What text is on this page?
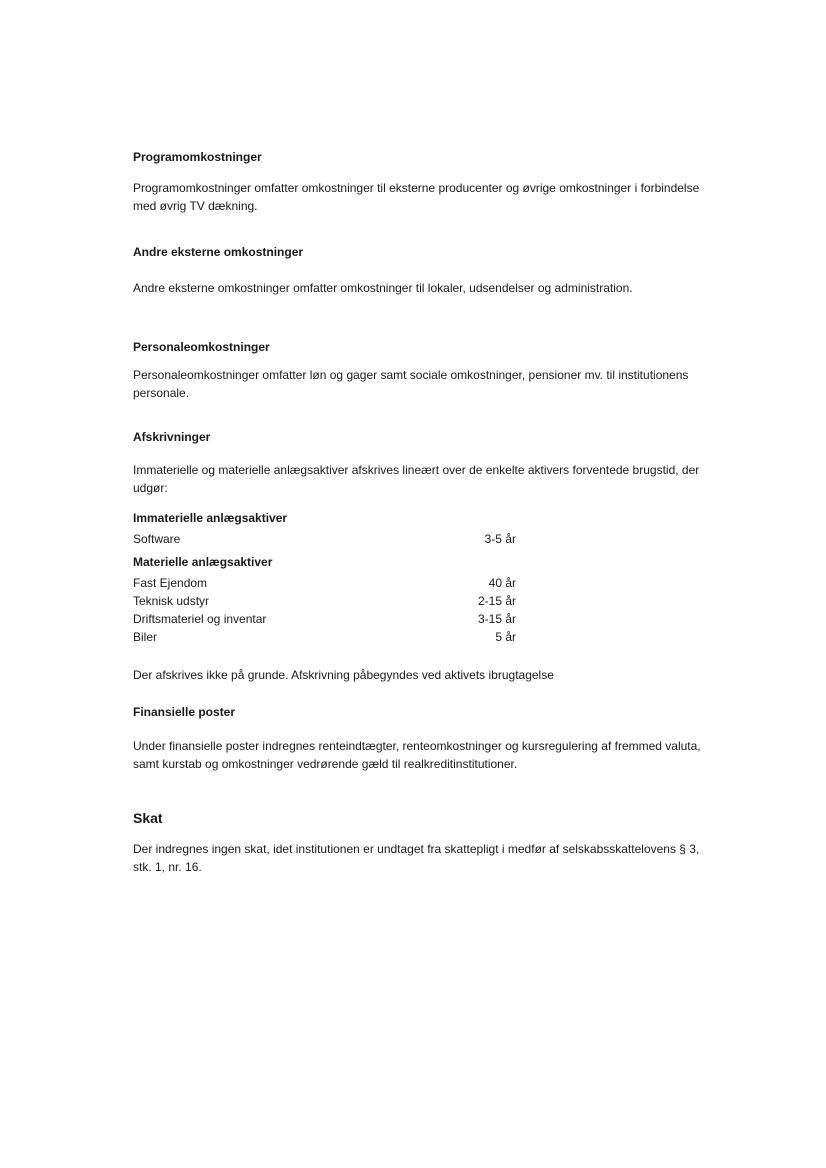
Programomkostninger
Programomkostninger omfatter omkostninger til eksterne producenter og øvrige omkostninger i forbindelse med øvrig TV dækning.
Andre eksterne omkostninger
Andre eksterne omkostninger omfatter omkostninger til lokaler, udsendelser og administration.
Personaleomkostninger
Personaleomkostninger omfatter løn og gager samt sociale omkostninger, pensioner mv. til institutionens personale.
Afskrivninger
Immaterielle og materielle anlægsaktiver afskrives lineært over de enkelte aktivers forventede brugstid, der udgør:
Immaterielle anlægsaktiver
Software	3-5 år
Materielle anlægsaktiver
Fast Ejendom	40 år
Teknisk udstyr	2-15 år
Driftsmateriel og inventar	3-15 år
Biler	5 år
Der afskrives ikke på grunde. Afskrivning påbegyndes ved aktivets ibrugtagelse
Finansielle poster
Under finansielle poster indregnes renteindtægter, renteomkostninger og kursregulering af fremmed valuta, samt kurstab og omkostninger vedrørende gæld til realkreditinstitutioner.
Skat
Der indregnes ingen skat, idet institutionen er undtaget fra skattepligt i medfør af selskabsskattelovens § 3, stk. 1, nr. 16.
